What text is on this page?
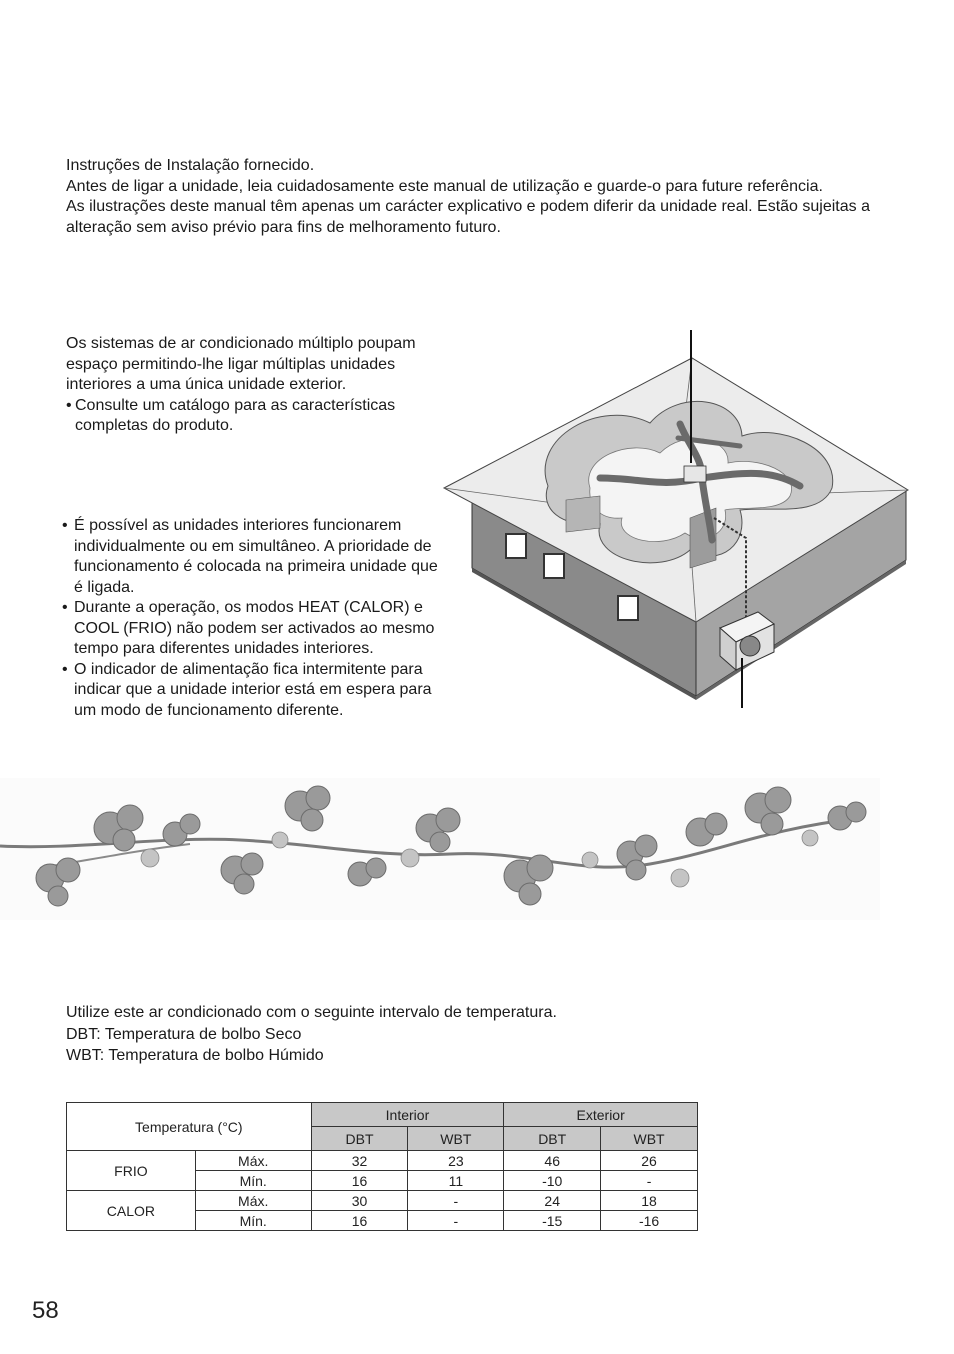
Instruções de Instalação fornecido.

Antes de ligar a unidade, leia cuidadosamente este manual de utilização e guarde-o para future referência.

As ilustrações deste manual têm apenas um carácter explicativo e podem diferir da unidade real. Estão sujeitas a alteração sem aviso prévio para fins de melhoramento futuro.

Os sistemas de ar condicionado múltiplo poupam espaço permitindo-lhe ligar múltiplas unidades interiores a uma única unidade exterior.

• Consulte um catálogo para as características completas do produto.
• É possível as unidades interiores funcionarem individualmente ou em simultâneo. A prioridade de funcionamento é colocada na primeira unidade que é ligada.
• Durante a operação, os modos HEAT (CALOR) e COOL (FRIO) não podem ser activados ao mesmo tempo para diferentes unidades interiores.
• O indicador de alimentação fica intermitente para indicar que a unidade interior está em espera para um modo de funcionamento diferente.

Utilize este ar condicionado com o seguinte intervalo de temperatura.

DBT: Temperatura de bolbo Seco

WBT: Temperatura de bolbo Húmido

Temperatura (°C)		Interior		Exterior	
		DBT	WBT	DBT	WBT
FRIO	Máx.	32	23	46	26
	Mín.	16	11	-10	-
CALOR	Máx.	30	-	24	18
	Mín.	16	-	-15	-16
58
